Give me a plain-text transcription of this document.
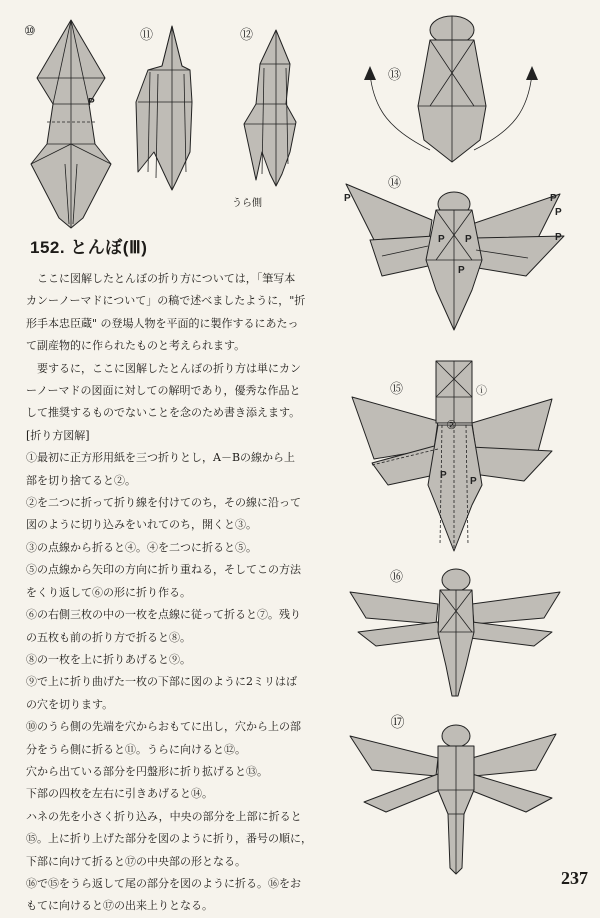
⑩	⑪	⑫
P
うら側
152. とんぼ(Ⅲ)

ここに図解したとんぼの折り方については，「筆写本

カンーノーマドについて」の稿で述べましたように，"折

形手本忠臣蔵" の登場人物を平面的に製作するにあたっ

て副産物的に作られたものと考えられます。

要するに，ここに図解したとんぼの折り方は単にカン

ーノーマドの図面に対しての解明であり，優秀な作品と

して推奨するものでないことを念のため書き添えます。

[折り方図解]

①最初に正方形用紙を三つ折りとし，A－Bの線から上

部を切り捨てると②。

②を二つに折って折り線を付けてのち，その線に沿って

図のように切り込みをいれてのち，開くと③。

③の点線から折ると④。④を二つに折ると⑤。

⑤の点線から矢印の方向に折り重ねる，そしてこの方法

をくり返して⑥の形に折り作る。

⑥の右側三枚の中の一枚を点線に従って折ると⑦。残り

の五枚も前の折り方で折ると⑧。

⑧の一枚を上に折りあげると⑨。

⑨で上に折り曲げた一枚の下部に図のように2ミリはば

の穴を切ります。

⑩のうら側の先端を穴からおもてに出し，穴から上の部

分をうら側に折ると⑪。うらに向けると⑫。

穴から出ている部分を円盤形に折り拡げると⑬。

下部の四枚を左右に引きあげると⑭。

ハネの先を小さく折り込み，中央の部分を上部に折ると

⑮。上に折り上げた部分を図のように折り，番号の順に，

下部に向けて折ると⑰の中央部の形となる。

⑯で⑮をうら返して尾の部分を図のように折る。⑯をお

もてに向けると⑰の出来上りとなる。

⑬
⑭
P	P
P
P P	P
P
⑮	ⓘ
②
P
P
⑯
⑰
237
